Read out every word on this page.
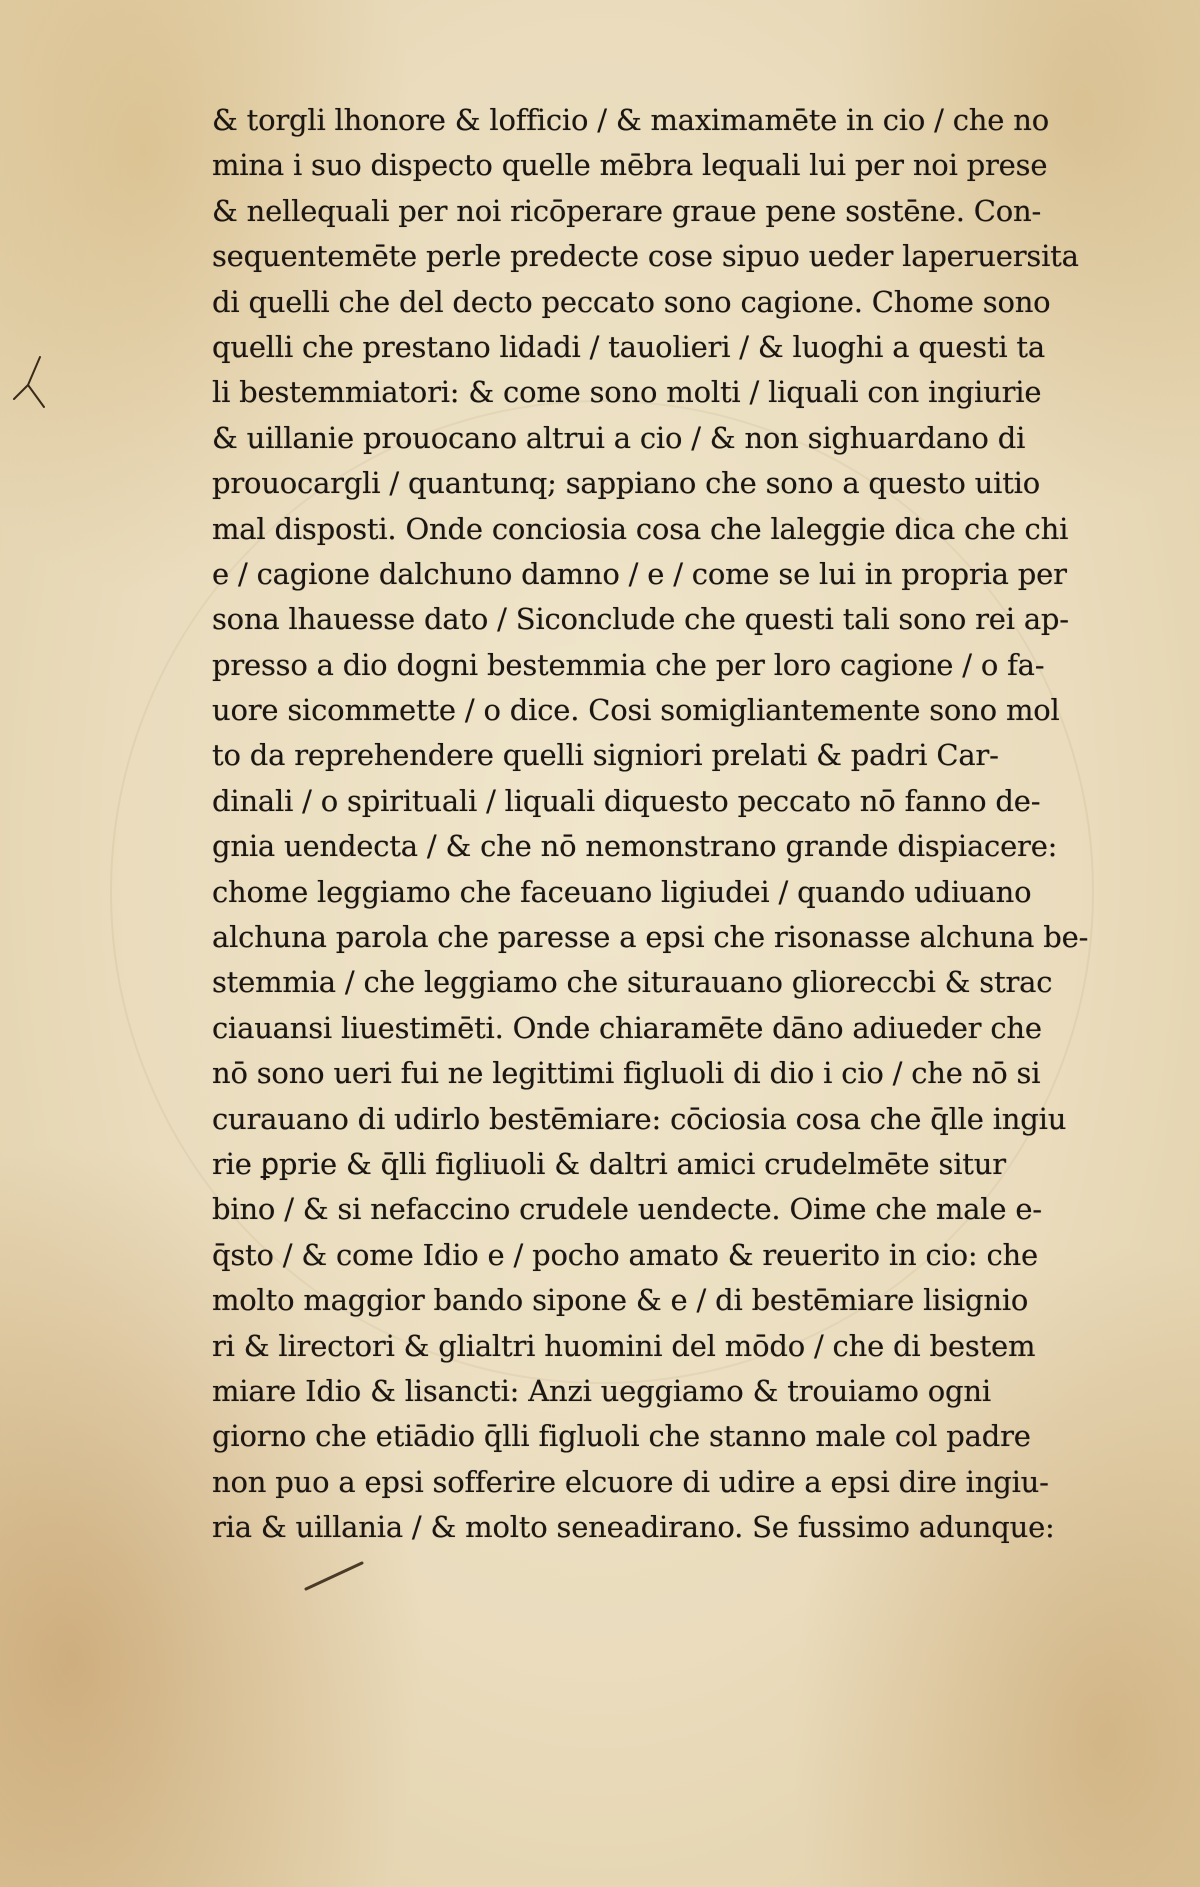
& torgli lhonore & lofficio / & maximamēte in cio / che no
mina i suo dispecto quelle mēbra lequali lui per noi prese
& nellequali per noi ricōperare graue pene sostēne. Con-
sequentemēte perle predecte cose sipuo ueder laperuersita
di quelli che del decto peccato sono cagione. Chome sono
quelli che prestano lidadi / tauolieri / & luoghi a questi ta
li bestemmiatori: & come sono molti / liquali con ingiurie
& uillanie prouocano altrui a cio / & non sighuardano di
prouocargli / quantunq; sappiano che sono a questo uitio
mal disposti. Onde conciosia cosa che laleggie dica che chi
e / cagione dalchuno damno / e / come se lui in propria per
sona lhauesse dato / Siconclude che questi tali sono rei ap-
presso a dio dogni bestemmia che per loro cagione / o fa-
uore sicommette / o dice. Cosi somigliantemente sono mol
to da reprehendere quelli signiori prelati & padri Car-
dinali / o spirituali / liquali diquesto peccato nō fanno de-
gnia uendecta / & che nō nemonstrano grande dispiacere:
chome leggiamo che faceuano ligiudei / quando udiuano
alchuna parola che paresse a epsi che risonasse alchuna be-
stemmia / che leggiamo che siturauano glioreccbi & strac
ciauansi liuestimēti. Onde chiaramēte dāno adiueder che
nō sono ueri fui ne legittimi figluoli di dio i cio / che nō si
curauano di udirlo bestēmiare: cōciosia cosa che q̄lle ingiu
rie ꝑprie & q̄lli figliuoli & daltri amici crudelmēte situr
bino / & si nefaccino crudele uendecte. Oime che male e-
q̄sto / & come Idio e / pocho amato & reuerito in cio: che
molto maggior bando sipone & e / di bestēmiare lisignio
ri & lirectori & glialtri huomini del mōdo / che di bestem
miare Idio & lisancti: Anzi ueggiamo & trouiamo ogni
giorno che etiādio q̄lli figluoli che stanno male col padre
non puo a epsi sofferire elcuore di udire a epsi dire ingiu-
ria & uillania / & molto seneadirano. Se fussimo adunque:
